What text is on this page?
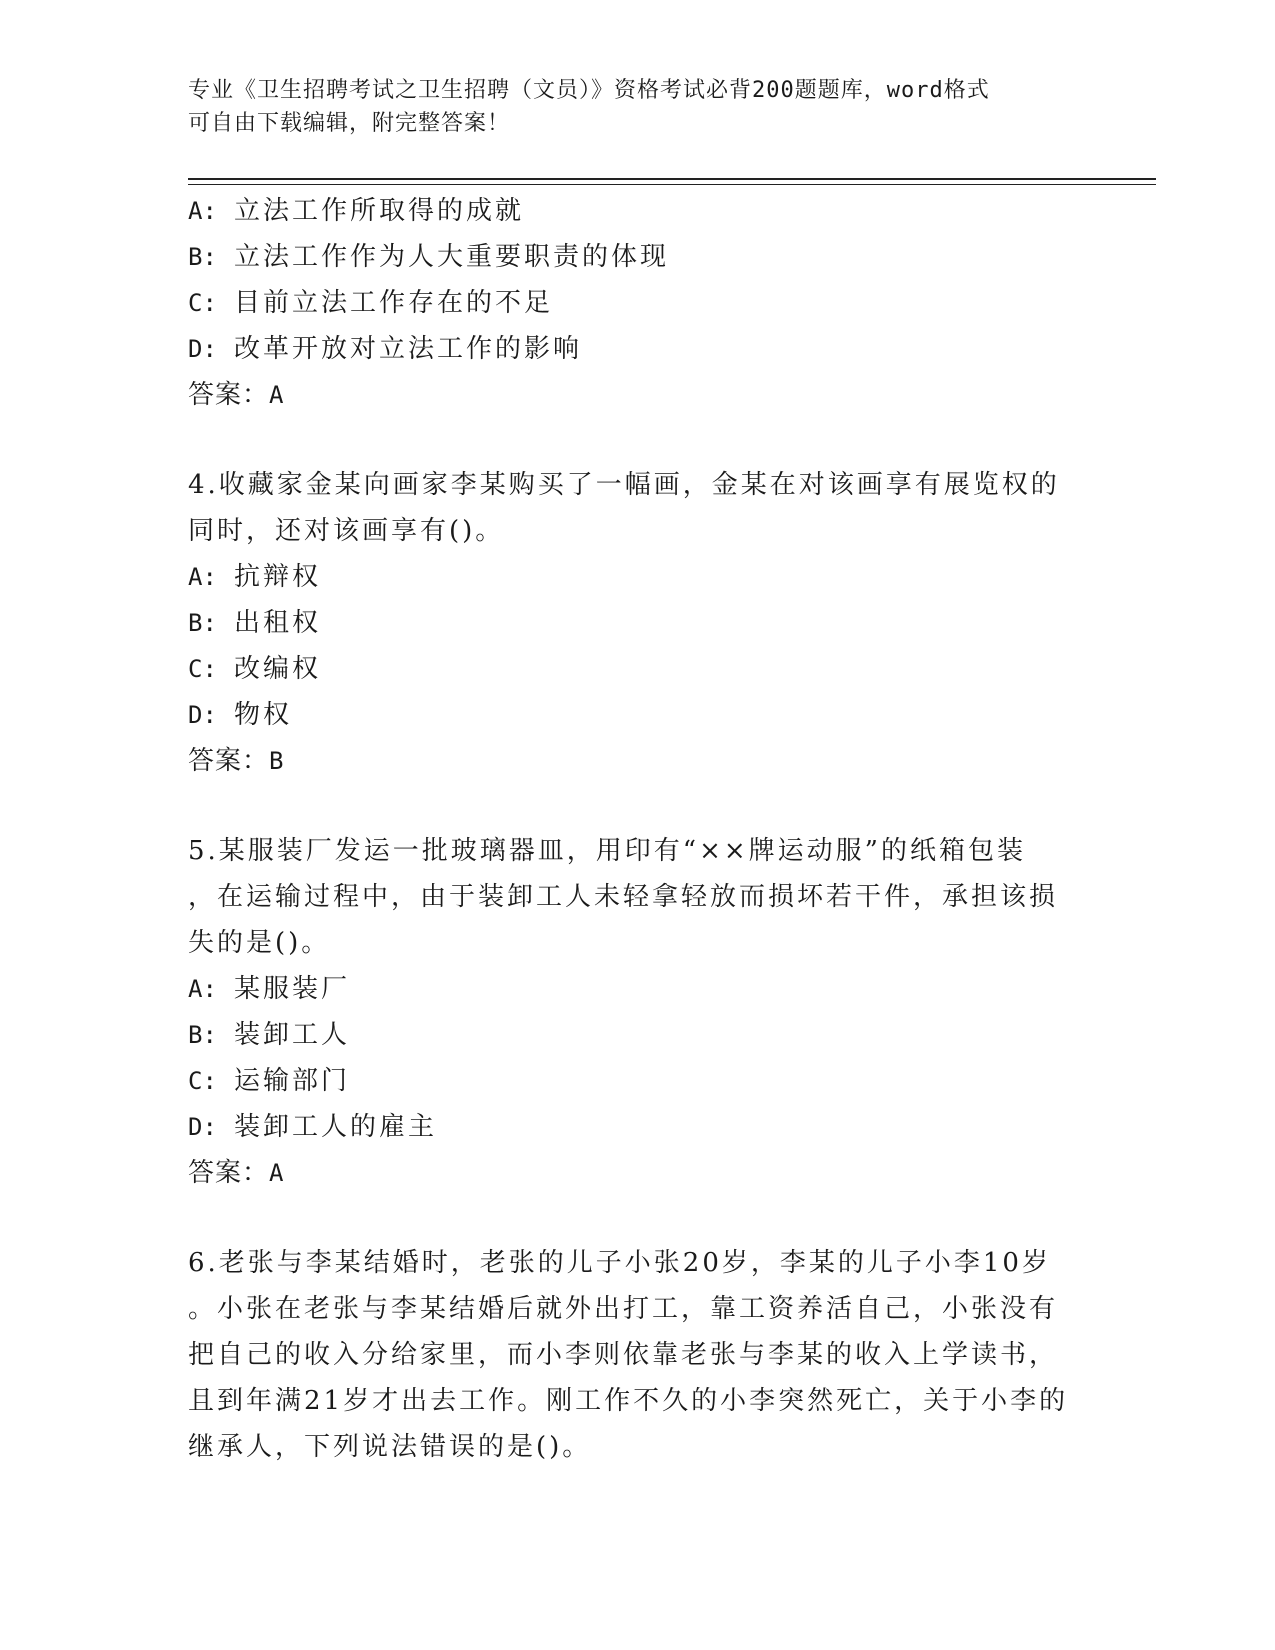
专业《卫生招聘考试之卫生招聘（文员）》资格考试必背200题题库，word格式
可自由下载编辑，附完整答案！
A: 立法工作所取得的成就
B: 立法工作作为人大重要职责的体现
C: 目前立法工作存在的不足
D: 改革开放对立法工作的影响
答案：A
4.收藏家金某向画家李某购买了一幅画，金某在对该画享有展览权的
同时，还对该画享有()。
A: 抗辩权
B: 出租权
C: 改编权
D: 物权
答案：B
5.某服装厂发运一批玻璃器皿，用印有“××牌运动服”的纸箱包装
，在运输过程中，由于装卸工人未轻拿轻放而损坏若干件，承担该损
失的是()。
A: 某服装厂
B: 装卸工人
C: 运输部门
D: 装卸工人的雇主
答案：A
6.老张与李某结婚时，老张的儿子小张20岁，李某的儿子小李10岁
。小张在老张与李某结婚后就外出打工，靠工资养活自己，小张没有
把自己的收入分给家里，而小李则依靠老张与李某的收入上学读书，
且到年满21岁才出去工作。刚工作不久的小李突然死亡，关于小李的
继承人，下列说法错误的是()。
